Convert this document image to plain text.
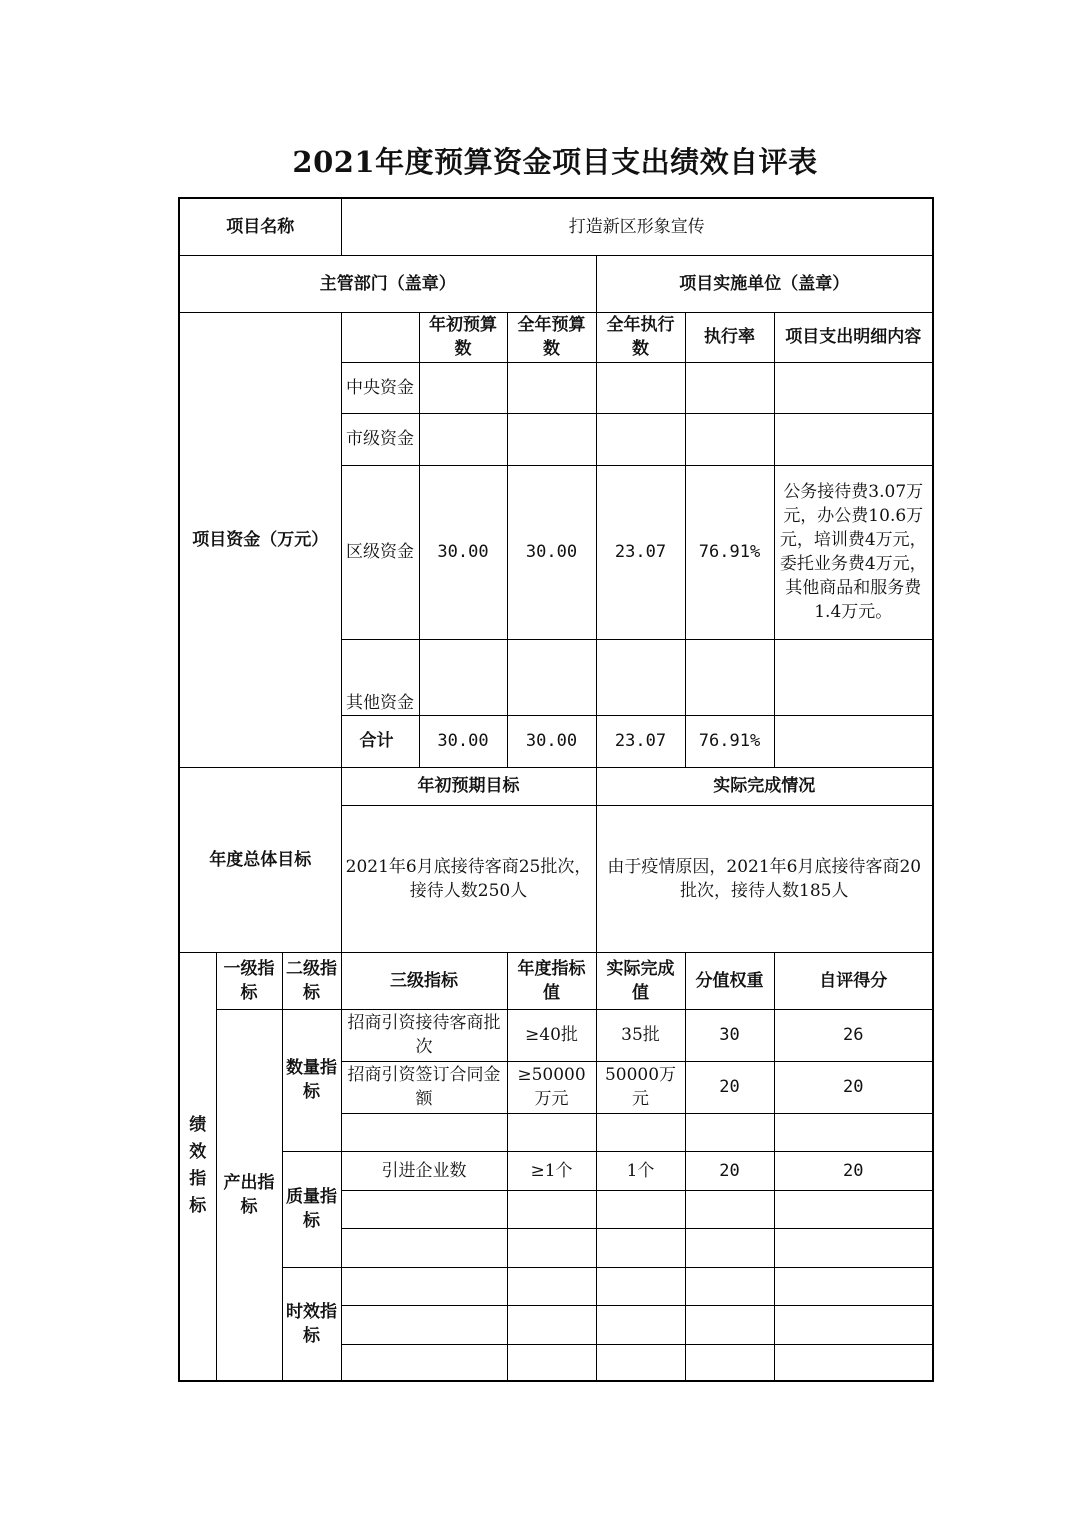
2021年度预算资金项目支出绩效自评表
项目名称			打造新区形象宣传					
主管部门（盖章）						项目实施单位（盖章）		
项目资金（万元）				年初预算数	全年预算数	全年执行数	执行率	项目支出明细内容
			中央资金					
			市级资金					
			区级资金	30.00	30.00	23.07	76.91%	公务接待费3.07万元，办公费10.6万元，培训费4万元，委托业务费4万元，其他商品和服务费1.4万元。
			其他资金					
			合计	30.00	30.00	23.07	76.91%	
年度总体目标			年初预期目标			实际完成情况		
			2021年6月底接待客商25批次，接待人数250人			由于疫情原因，2021年6月底接待客商20批次，接待人数185人		
绩效指标	一级指标	二级指标	三级指标		年度指标值	实际完成值	分值权重	自评得分
	产出指标	数量指标	招商引资接待客商批次		≥40批	35批	30	26
			招商引资签订合同金额		≥50000万元	50000万元	20	20

		质量指标	引进企业数		≥1个	1个	20	20

		时效指标						
